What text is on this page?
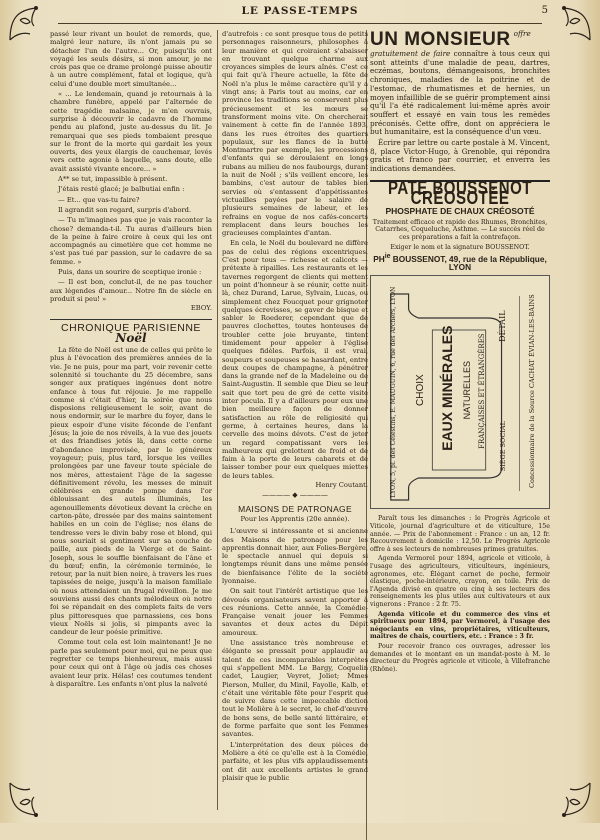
LE PASSE-TEMPS	5

passé leur rivant un boulet de remords, que, malgré leur nature, ils n'ont jamais pu se détacher l'un de l'autre... Or, puisqu'ils ont voyagé les seuls désirs, si mon amour, je ne crois pas que ce drame prolongé puisse aboutir à un autre complément, fatal et logique, qu'à celui d'une double mort simultanée...

« ... Le lendemain, quand je retournais à la chambre funèbre, appelé par l'alternée de cette tragédie malsaine, je m'en ouvrais, surprise à découvrir le cadavre de l'homme pendu au plafond, juste au-dessus du lit. Je remarquai que ses pieds tombaient presque sur le front de la morte qui gardait les yeux ouverts, des yeux élargis de cauchemar, levés vers cette agonie à laquelle, sans doute, elle avait assisté vivante encore... »

A** se tut, impassible à présent.

J'étais resté glacé; je balbutiai enfin :

— Et... que vas-tu faire?

Il agrandit son regard, surpris d'abord.

— Tu m'imagines pas que je vais raconter la chose? demanda-t-il. Tu auras d'ailleurs bien de la peine à faire croire à ceux qui les ont accompagnés au cimetière que cet homme ne s'est pas tué par passion, sur le cadavre de sa femme. »

Puis, dans un sourire de sceptique ironie :

— Il est bon, conclut-il, de ne pas toucher aux légendes d'amour... Notre fin de siècle en produit si peu! »

EBOY.
CHRONIQUE PARISIENNE
Noël

La fête de Noël est une de celles qui prête le plus à l'évocation des premières années de la vie. Je ne puis, pour ma part, voir revenir cette solennité si touchante du 25 décembre, sans songer aux pratiques ingénues dont notre enfance à tous fut réjouie. Je me rappelle comme si c'était d'hier, la soirée que nous disposions religieusement le soir, avant de nous endormir, sur le marbre du foyer, dans le pieux espoir d'une visite féconde de l'enfant Jésus; la joie de nos réveils, à la vue des jouets et des friandises jetés là, dans cette corne d'abondance improvisée, par le généreux voyageur; puis, plus tard, lorsque les veilles prolongées par une faveur toute spéciale de nos mères, attestaient l'âge de la sagesse définitivement révolu, les messes de minuit célébrées en grande pompe dans l'or éblouissant des autels illuminés, les agenouillements dévotieux devant la crèche en carton-pâte, dressée par des mains saintement habiles en un coin de l'église; nos élans de tendresse vers le divin baby rose et blond, qui nous souriait si gentiment sur sa couche de paille, aux pieds de la Vierge et de Saint-Joseph, sous le souffle bienfaisant de l'âne et du bœuf; enfin, la cérémonie terminée, le retour, par la nuit bien noire, à travers les rues tapissées de neige, jusqu'à la maison familiale où nous attendaient un frugal réveillon. Je me souviens aussi des chants mélodieux où notre foi se répandait en des complets faits de vers plus pittoresques que parnassiens, ces bons vieux Noëls si jolis, si pimpants avec la candeur de leur poésie primitive.

Comme tout cela est loin maintenant! Je ne parle pas seulement pour moi, qui ne peux que regretter ce temps bienheureux, mais aussi pour ceux qui ont à l'âge où jadis ces choses avaient leur prix. Hélas! ces coutumes tendent à disparaître. Les enfants n'ont plus la naïveté

d'autrefois : ce sont presque tous de petits personnages raisonneurs, philosophes à leur manière et qui croiraient s'abaisser en trouvant quelque charme aux croyances simples de leurs aînés. C'est ce qui fait qu'à l'heure actuelle, la fête de Noël n'a plus le même caractère qu'il y a vingt ans; à Paris tout au moins, car en province les traditions se conservent plus précieusement et les mœurs se transforment moins vite. On chercherait vainement à cette fin de l'année 1893, dans les rues étroites des quartiers populaux, sur les flancs de la butte Montmartre par exemple, les processions d'enfants qui se déroulaient en longs rubans au milieu de nos faubourgs, durant la nuit de Noël ; s'ils veillent encore, les bambins, c'est autour de tables bien servies où s'entassent d'appétissantes victuailles payées par le salaire de plusieurs semaines de labeur, et les refrains en vogue de nos cafés-concerts remplacent dans leurs bouches les gracieuses complaintes d'antan.

En cela, le Noël du boulevard ne diffère pas de celui des régions excentriques. C'est pour tous — richesse et calicots — prétexte à ripailles. Les restaurants et les tavernes regorgent de clients qui mettent un point d'honneur à se réunir, cette nuit-là, chez Durand, Larue, Sylvain, Lucas, ou simplement chez Foucquet pour grignoter quelques écrevisses, se gaver de bisque et sabler le Roederer, cependant que de pauvres clochettes, toutes honteuses de troubler cette joie bruyante, tintent timidement pour appeler à l'église quelques fidèles. Parfois, il est vrai, soupeurs et soupeuses se hasardant, entre deux coupes de champagne, à pénétrer dans la grande nef de la Madeleine ou de Saint-Augustin. Il semble que Dieu se leur sait que tort peu de gré de cette visite inter pocula. Il y a d'ailleurs pour eux une bien meilleure façon de donner satisfaction au rôle de religiosité qui germe, à certaines heures, dans la cervelle des moins dévots. C'est de jeter un regard compatissant vers les malheureux qui grelottent de froid et de faim à la porte de leurs cabarets et de laisser tomber pour eux quelques miettes de leurs tables.

Henry Coutant.
———— ◆ ————
MAISONS DE PATRONAGE
Pour les Apprentis (20e année).

L'œuvre si intéressante et si ancienne des Maisons de patronage pour les apprentis donnait hier, aux Folies-Bergère, le spectacle annuel qui depuis si longtemps réunit dans une même pensée de bienfaisance l'élite de la société lyonnaise.

On sait tout l'intérêt artistique que les dévoués organisateurs savent apporter à ces réunions. Cette année, la Comédie-Française venait jouer les Femmes savantes et deux actes du Dépit amoureux.

Une assistance très nombreuse et élégante se pressait pour applaudir au talent de ces incomparables interprètes qui s'appellent MM. Le Bargy, Coquelin cadet, Laugier, Veyret, Joliet; Mmes Pierson, Muller, du Minil, Fayolle, Kalb, et c'était une véritable fête pour l'esprit que de suivre dans cette impeccable diction tout le Molière à le secret, le chef-d'œuvre de bons sens, de belle santé littéraire, et de forme parfaite que sont les Femmes savantes.

L'interprétation des deux pièces de Molière a été ce qu'elle est à la Comédie, parfaite, et les plus vifs applaudissements ont dit aux excellents artistes le grand plaisir que le public

UN MONSIEUR offre gratuitement de faire connaître à tous ceux qui sont atteints d'une maladie de peau, dartres, eczémas, boutons, démangeaisons, bronchites chroniques, maladies de la poitrine et de l'estomac, de rhumatismes et de hernies, un moyen infaillible de se guérir promptement ainsi qu'il l'a été radicalement lui-même après avoir souffert et essayé en vain tous les remèdes préconisés. Cette offre, dont on appréciera le but humanitaire, est la conséquence d'un vœu.

Écrire par lettre ou carte postale à M. Vincent, 8, place Victor-Hugo, à Grenoble, qui répondra gratis et franco par courrier, et enverra les indications demandées.

PATE BOUSSENOT CRÉOSOTÉE
PHOSPHATE DE CHAUX CRÉOSOTÉ

Traitement efficace et rapide des Rhumes, Bronchites, Catarrhes, Coqueluche, Asthme. — Le succès réel de ces préparations a fait la contrefaçon.

Exiger le nom et la signature BOUSSENOT.

$PH^{ie}$ BOUSSENOT, 49, rue de la République, LYON
LYON, 5, pl. des Célestins, E. MAUGUIN, 6, rue des Archers, LYON CHOIX EAUX MINÉRALES NATURELLES FRANÇAISES ET ÉTRANGÈRES
DÉTAIL
SIÈGE SOCIAL	Concessionnaire de la Source CACHAT ÉVIAN-LES-BAINS

Paraît tous les dimanches : le Progrès Agricole et Viticole, journal d'agriculture et de viticulture, 15e année. — Prix de l'abonnement : France : un an, 12 fr. Recouvrement à domicile : 12,50. Le Progrès Agricole offre à ses lecteurs de nombreuses primes gratuites.

Agenda Vermorel pour 1894, agricole et viticole, à l'usage des agriculteurs, viticulteurs, ingénieurs, agronomes, etc. Élégant carnet de poche, fermoir élastique, poche-intérieure, crayon, en toile. Prix de l'Agenda divisé en quatre ou cinq à ses lecteurs des renseignements les plus utiles aux cultivateurs et aux vignerons : France : 2 fr. 75.

Agenda viticole et du commerce des vins et spiritueux pour 1894, par Vermorel, à l'usage des négociants en vins, propriétaires, viticulteurs, maîtres de chais, courtiers, etc. : France : 3 fr.

Pour recevoir franco ces ouvrages, adresser les demandes et le montant en un mandat-poste à M. le directeur du Progrès agricole et viticole, à Villefranche (Rhône).
